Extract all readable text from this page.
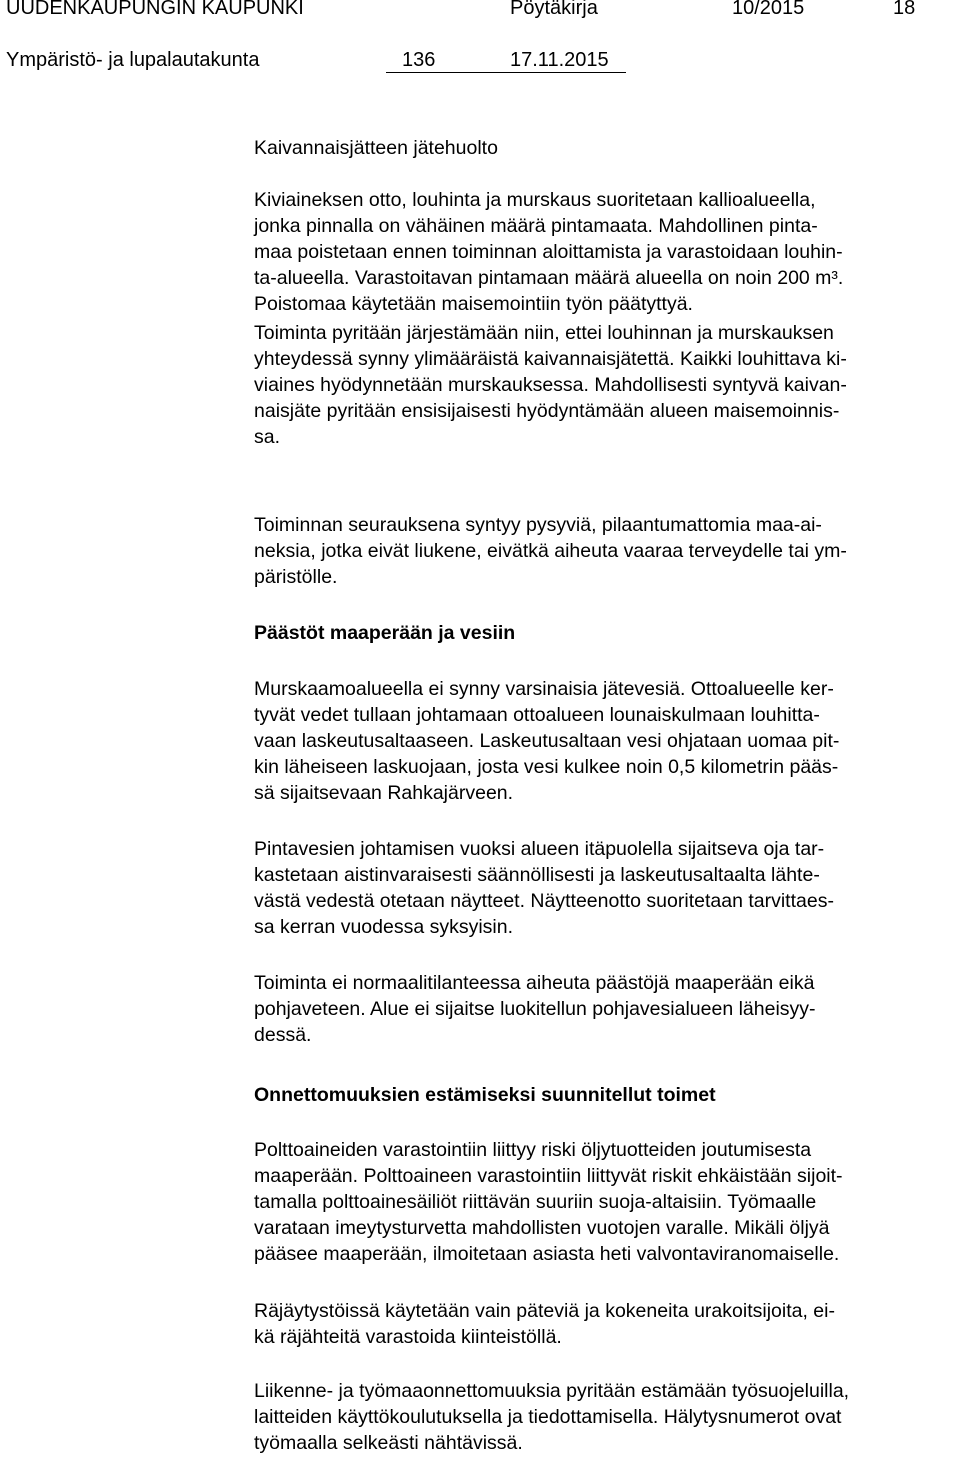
UUDENKAUPUNGIN KAUPUNKI	Pöytäkirja	10/2015	18
Ympäristö- ja lupalautakunta	136	17.11.2015
Kaivannaisjätteen jätehuolto
Kiviaineksen otto, louhinta ja murskaus suoritetaan kallioalueella,
jonka pinnalla on vähäinen määrä pintamaata. Mahdollinen pinta-
maa poistetaan ennen toiminnan aloittamista ja varastoidaan louhin-
ta-alueella. Varastoitavan pintamaan määrä alueella on noin 200 m³.
Poistomaa käytetään maisemointiin työn päätyttyä.
Toiminta pyritään järjestämään niin, ettei louhinnan ja murskauksen
yhteydessä synny ylimääräistä kaivannaisjätettä. Kaikki louhittava ki-
viaines hyödynnetään murskauksessa. Mahdollisesti syntyvä kaivan-
naisjäte pyritään ensisijaisesti hyödyntämään alueen maisemoinnis-
sa.
Toiminnan seurauksena syntyy pysyviä, pilaantumattomia maa-ai-
neksia, jotka eivät liukene, eivätkä aiheuta vaaraa terveydelle tai ym-
päristölle.
Päästöt maaperään ja vesiin
Murskaamoalueella ei synny varsinaisia jätevesiä. Ottoalueelle ker-
tyvät vedet tullaan johtamaan ottoalueen lounaiskulmaan louhitta-
vaan laskeutusaltaaseen. Laskeutusaltaan vesi ohjataan uomaa pit-
kin läheiseen laskuojaan, josta vesi kulkee noin 0,5 kilometrin pääs-
sä sijaitsevaan Rahkajärveen.
Pintavesien johtamisen vuoksi alueen itäpuolella sijaitseva oja tar-
kastetaan aistinvaraisesti säännöllisesti ja laskeutusaltaalta lähte-
västä vedestä otetaan näytteet. Näytteenotto suoritetaan tarvittaes-
sa kerran vuodessa syksyisin.
Toiminta ei normaalitilanteessa aiheuta päästöjä maaperään eikä
pohjaveteen. Alue ei sijaitse luokitellun pohjavesialueen läheisyy-
dessä.
Onnettomuuksien estämiseksi suunnitellut toimet
Polttoaineiden varastointiin liittyy riski öljytuotteiden joutumisesta
maaperään. Polttoaineen varastointiin liittyvät riskit ehkäistään sijoit-
tamalla polttoainesäiliöt riittävän suuriin suoja-altaisiin. Työmaalle
varataan imeytysturvetta mahdollisten vuotojen varalle. Mikäli öljyä
pääsee maaperään, ilmoitetaan asiasta heti valvontaviranomaiselle.
Räjäytystöissä käytetään vain päteviä ja kokeneita urakoitsijoita, ei-
kä räjähteitä varastoida kiinteistöllä.
Liikenne- ja työmaaonnettomuuksia pyritään estämään työsuojeluilla,
laitteiden käyttökoulutuksella ja tiedottamisella. Hälytysnumerot ovat
työmaalla selkeästi nähtävissä.
